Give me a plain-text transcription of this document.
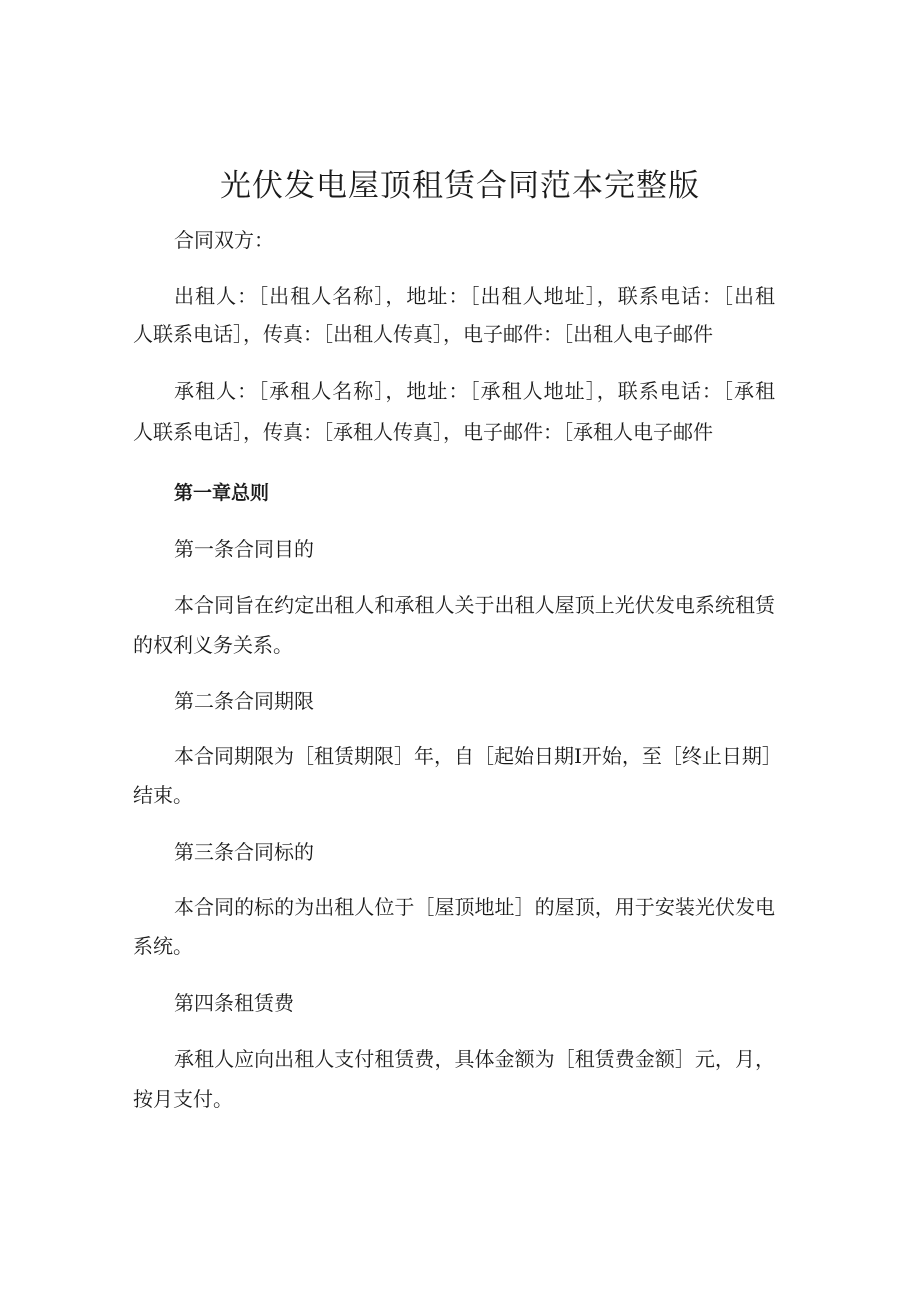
光伏发电屋顶租赁合同范本完整版

合同双方：

出租人：［出租人名称］，地址：［出租人地址］，联系电话：［出租

人联系电话］，传真：［出租人传真］，电子邮件：［出租人电子邮件

承租人：［承租人名称］，地址：［承租人地址］，联系电话：［承租

人联系电话］，传真：［承租人传真］，电子邮件：［承租人电子邮件

第一章总则

第一条合同目的

本合同旨在约定出租人和承租人关于出租人屋顶上光伏发电系统租赁

的权利义务关系。

第二条合同期限

本合同期限为［租赁期限］年，自［起始日期Ⅰ开始，至［终止日期］

结束。

第三条合同标的

本合同的标的为出租人位于［屋顶地址］的屋顶，用于安装光伏发电

系统。

第四条租赁费

承租人应向出租人支付租赁费，具体金额为［租赁费金额］元，月，

按月支付。
